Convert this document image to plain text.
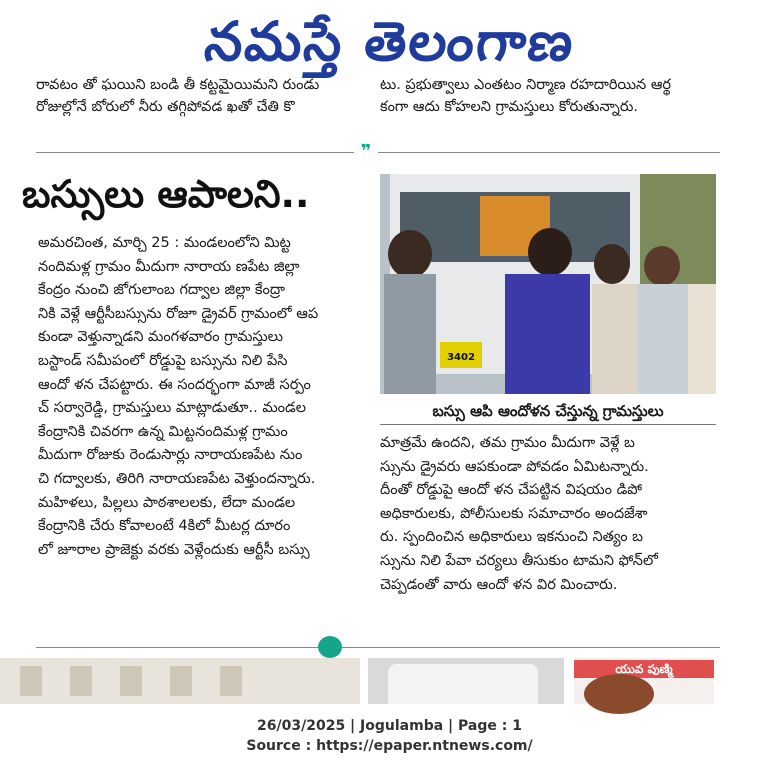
నమస్తే తెలంగాణ
రావటం తో ఘయిని బండి తీ కట్టమైయిమని రుండు
రోజుల్లోనే బోరులో నీరు తగ్గిపోవడ ఖతో చేతి కొ
టు. ప్రభుత్వాలు ఎంతటం నిర్మాణ రహదారియిన ఆర్థ
కంగా ఆదు కోహలని గ్రామస్తులు కోరుతున్నారు.
❞
బస్సులు ఆపాలని..
3402
బస్సు ఆపి ఆందోళన చేస్తున్న గ్రామస్తులు
అమరచింత, మార్చి 25 : మండలంలోని మిట్ట
నందిమళ్ల గ్రామం మీదుగా నారాయ ణపేట జిల్లా
కేంద్రం నుంచి జోగులాంబ గద్వాల జిల్లా కేంద్రా
నికి వెళ్లే ఆర్టీసీబస్సును రోజూ డ్రైవర్ గ్రామంలో ఆప
కుండా వెళ్తున్నాడని మంగళవారం గ్రామస్తులు
బస్టాండ్ సమీపంలో రోడ్డుపై బస్సును నిలి పేసి
ఆందో ళన చేపట్టారు. ఈ సందర్భంగా మాజీ సర్పం
చ్ సర్వారెడ్డి, గ్రామస్తులు మాట్లాడుతూ.. మండల
కేంద్రానికి చివరగా ఉన్న మిట్టనందిమళ్ల గ్రామం
మీదుగా రోజుకు రెండుసార్లు నారాయణపేట నుం
చి గద్వాలకు, తిరిగి నారాయణపేట వెళ్తుందన్నారు.
మహిళలు, పిల్లలు పాఠశాలలకు, లేదా మండల
కేంద్రానికి చేరు కోవాలంటే 4కిలో మీటర్ల దూరం
లో జూరాల ప్రాజెక్టు వరకు వెళ్లేందుకు ఆర్టీసీ బస్సు
మాత్రమే ఉందని, తమ గ్రామం మీదుగా వెళ్లే బ
స్సును డ్రైవరు ఆపకుండా పోవడం ఏమిటన్నారు.
దీంతో రోడ్డుపై ఆందో ళన చేపట్టిన విషయం డిపో
అధికారులకు, పోలీసులకు సమాచారం అందజేశా
రు. స్పందించిన అధికారులు ఇకనుంచి నిత్యం బ
స్సును నిలి పేవా చర్యలు తీసుకుం టామని ఫోన్‌లో
చెప్పడంతో వారు ఆందో ళన విర మించారు.
యువ పుణ్మి
26/03/2025 | Jogulamba | Page : 1
Source : https://epaper.ntnews.com/
